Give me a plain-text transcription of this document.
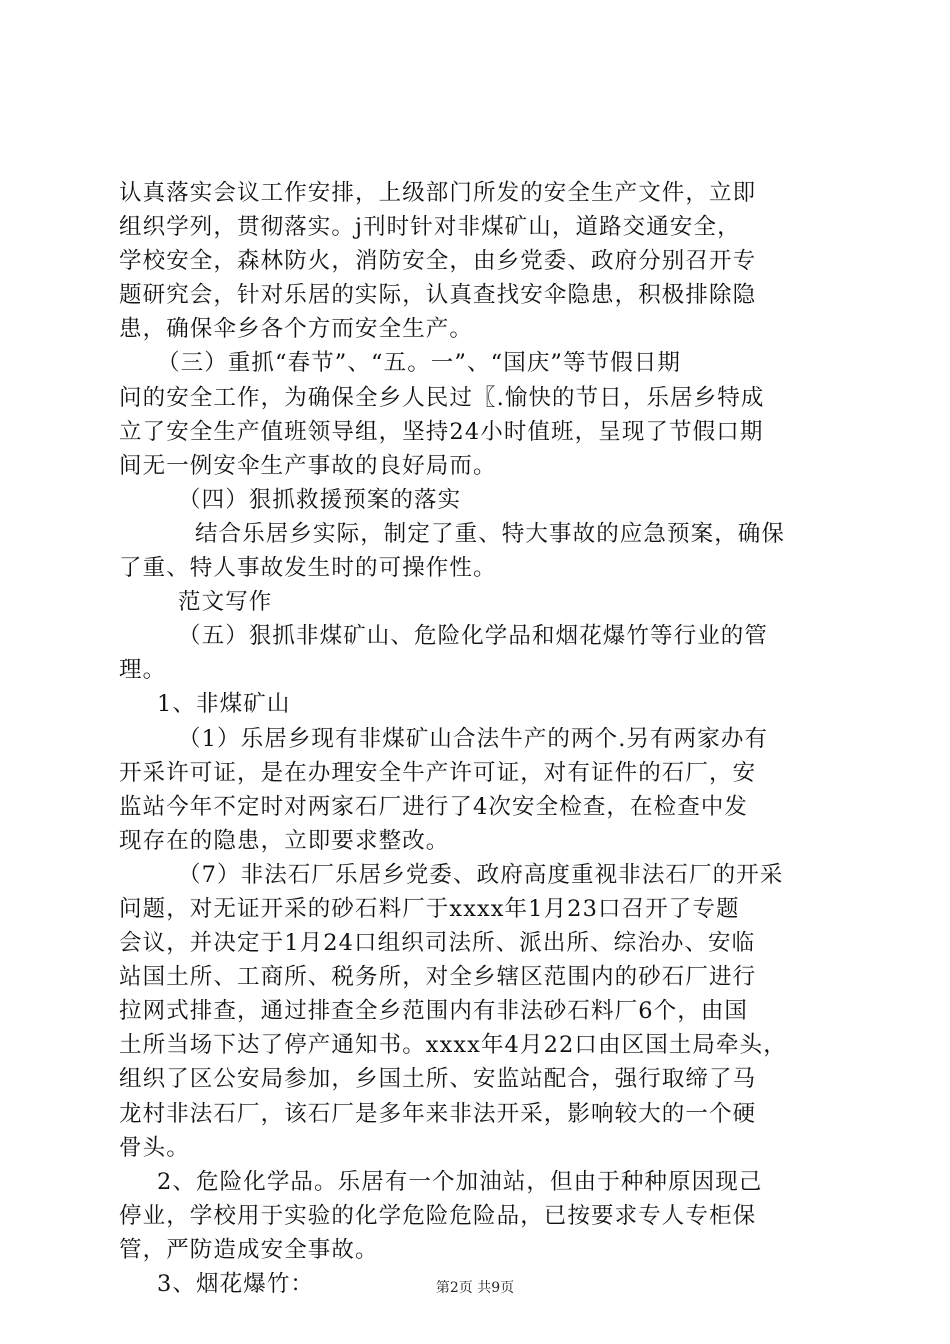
认真落实会议工作安排，上级部门所发的安全生产文件，立即
组织学列，贯彻落实。j刊时针对非煤矿山，道路交通安全，
学校安全，森林防火，消防安全，由乡党委、政府分别召开专
题研究会，针对乐居的实际，认真查找安伞隐患，积极排除隐
患，确保伞乡各个方而安全生产。
（三）重抓“春节”、“五。一”、“国庆”等节假日期
问的安全工作，为确保全乡人民过〖.愉快的节日，乐居乡特成
立了安全生产值班领导组，坚持24小时值班，呈现了节假口期
间无一例安伞生产事故的良好局而。
（四）狠抓救援预案的落实
结合乐居乡实际，制定了重、特大事故的应急预案，确保
了重、特人事故发生时的可操作性。
范文写作
（五）狠抓非煤矿山、危险化学品和烟花爆竹等行业的管
理。
1、非煤矿山
（1）乐居乡现有非煤矿山合法牛产的两个.另有两家办有
开采许可证，是在办理安全牛产许可证，对有证件的石厂，安
监站今年不定时对两家石厂进行了4次安全检查，在检查中发
现存在的隐患，立即要求整改。
（7）非法石厂乐居乡党委、政府高度重视非法石厂的开采
问题，对无证开采的砂石料厂于xxxx年1月23口召开了专题
会议，并决定于1月24口组织司法所、派出所、综治办、安临
站国土所、工商所、税务所，对全乡辖区范围内的砂石厂进行
拉网式排查，通过排查全乡范围内有非法砂石料厂6个，由国
土所当场下达了停产通知书。xxxx年4月22口由区国土局牵头，
组织了区公安局参加，乡国土所、安监站配合，强行取缔了马
龙村非法石厂，该石厂是多年来非法开采，影响较大的一个硬
骨头。
2、危险化学品。乐居有一个加油站，但由于种种原因现己
停业，学校用于实验的化学危险危险品，已按要求专人专柜保
管，严防造成安全事故。
3、烟花爆竹：	第2页 共9页
